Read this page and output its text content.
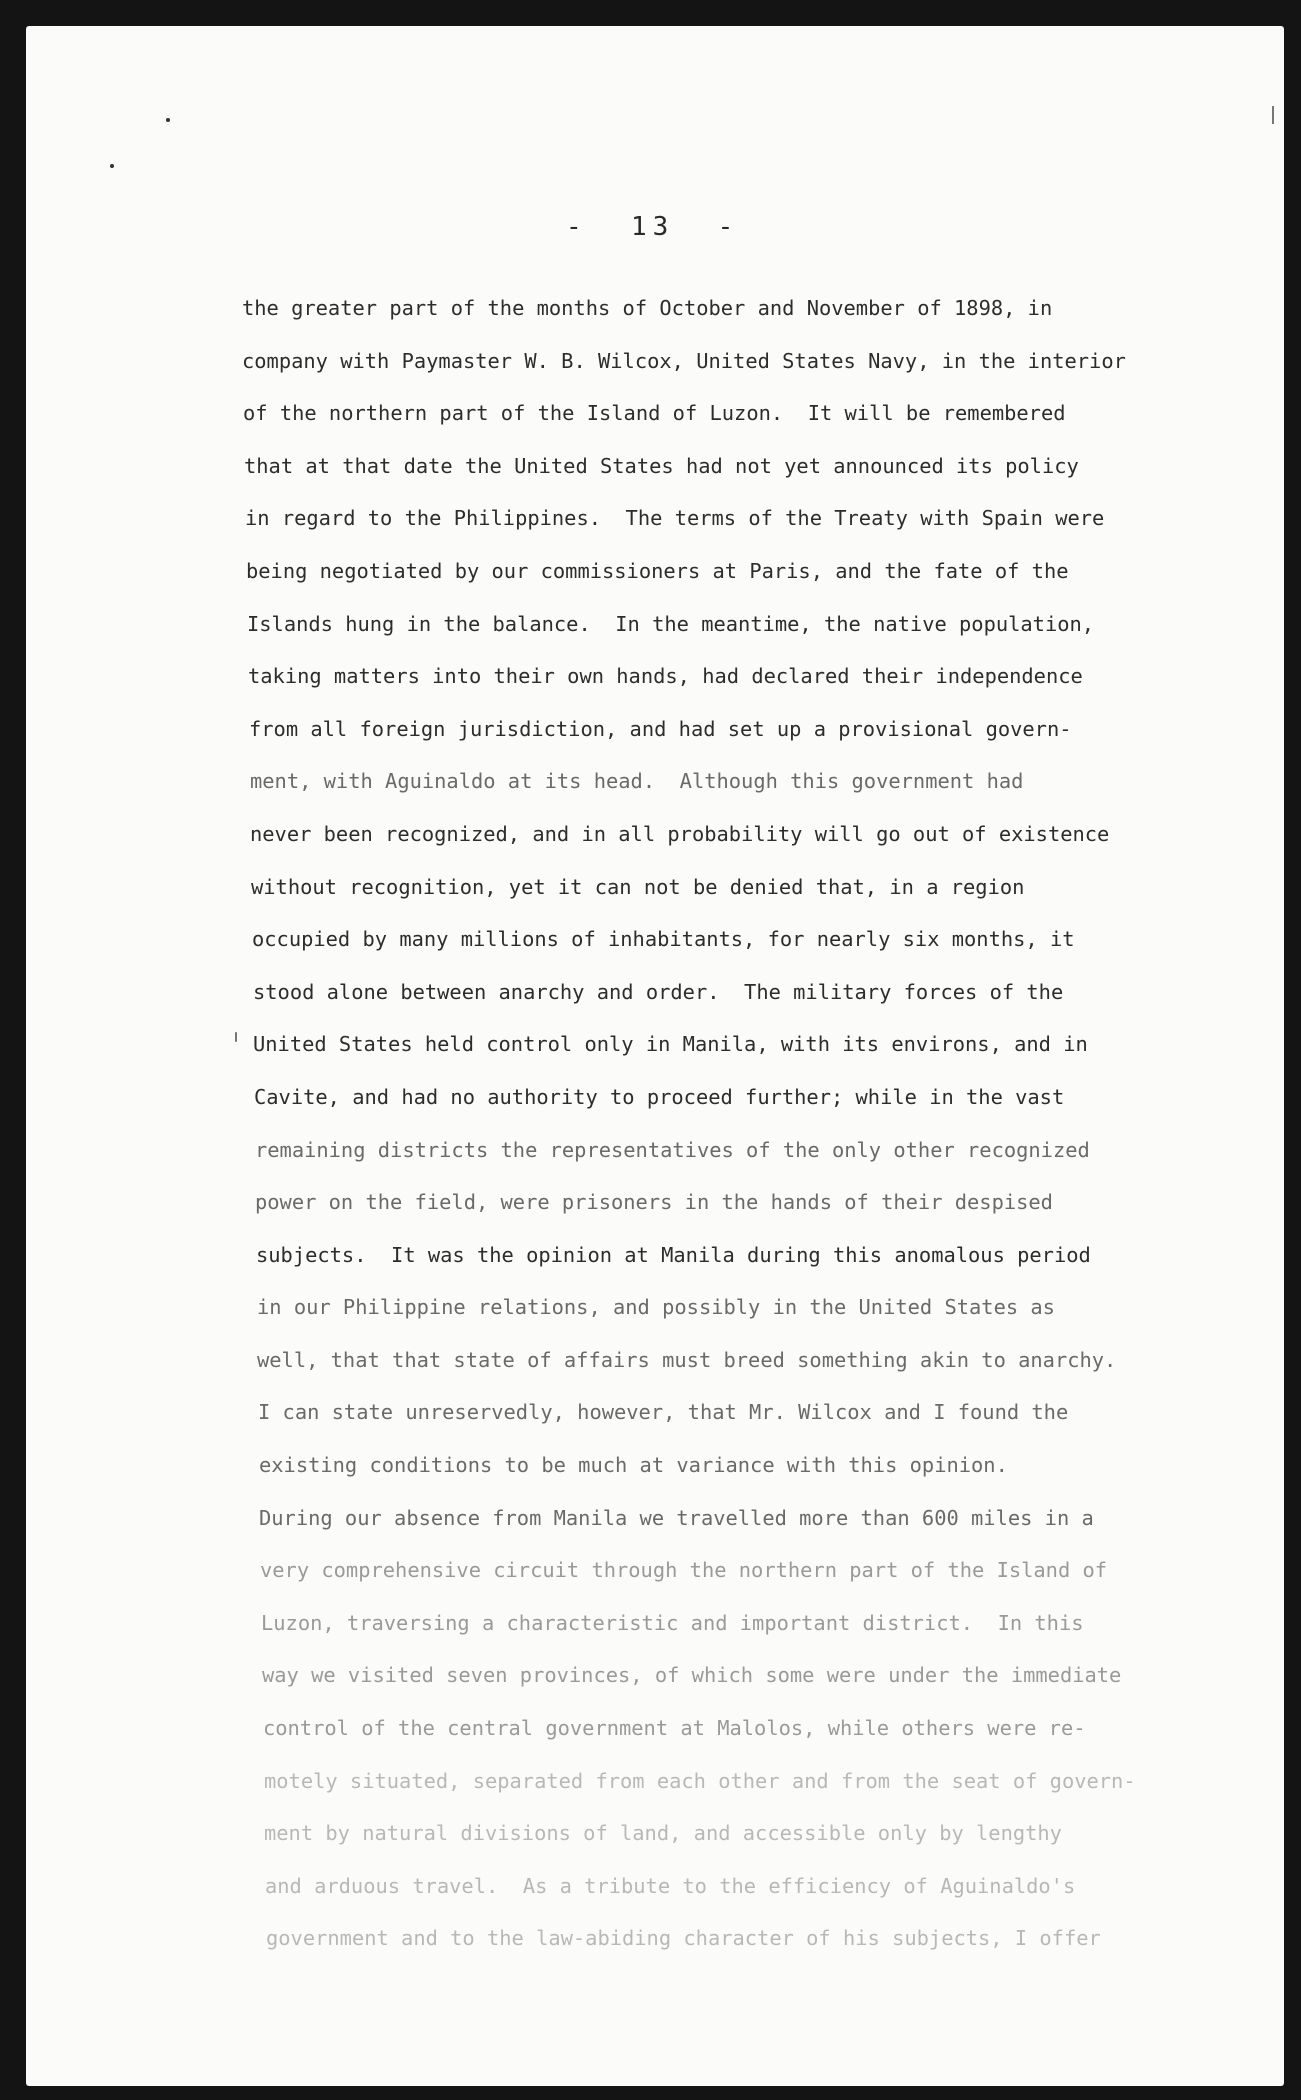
-  13  -
the greater part of the months of October and November of 1898, in
company with Paymaster W. B. Wilcox, United States Navy, in the interior
of the northern part of the Island of Luzon.  It will be remembered
that at that date the United States had not yet announced its policy
in regard to the Philippines.  The terms of the Treaty with Spain were
being negotiated by our commissioners at Paris, and the fate of the
Islands hung in the balance.  In the meantime, the native population,
taking matters into their own hands, had declared their independence
from all foreign jurisdiction, and had set up a provisional govern-
ment, with Aguinaldo at its head.  Although this government had
never been recognized, and in all probability will go out of existence
without recognition, yet it can not be denied that, in a region
occupied by many millions of inhabitants, for nearly six months, it
stood alone between anarchy and order.  The military forces of the
United States held control only in Manila, with its environs, and in
Cavite, and had no authority to proceed further; while in the vast
remaining districts the representatives of the only other recognized
power on the field, were prisoners in the hands of their despised
subjects.  It was the opinion at Manila during this anomalous period
in our Philippine relations, and possibly in the United States as
well, that that state of affairs must breed something akin to anarchy.
I can state unreservedly, however, that Mr. Wilcox and I found the
existing conditions to be much at variance with this opinion.
During our absence from Manila we travelled more than 600 miles in a
very comprehensive circuit through the northern part of the Island of
Luzon, traversing a characteristic and important district.  In this
way we visited seven provinces, of which some were under the immediate
control of the central government at Malolos, while others were re-
motely situated, separated from each other and from the seat of govern-
ment by natural divisions of land, and accessible only by lengthy
and arduous travel.  As a tribute to the efficiency of Aguinaldo's
government and to the law-abiding character of his subjects, I offer
